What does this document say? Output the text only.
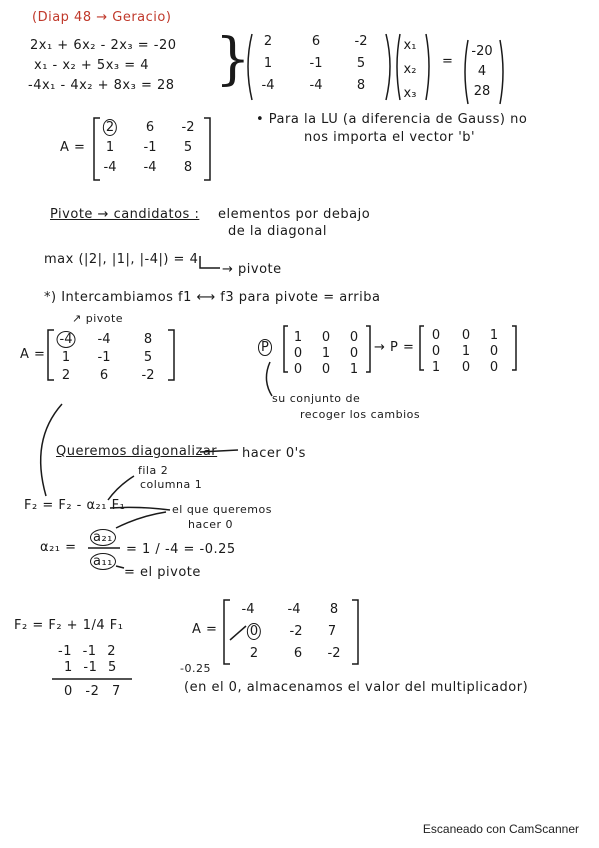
(Diap 48 → Geracio)
2x₁ + 6x₂ - 2x₃ = -20
x₁ - x₂ + 5x₃ = 4
-4x₁ - 4x₂ + 8x₃ = 28 } 2	6	-2
1	-1	5
-4	-4	8
x₁
x₂
x₃
=
-20
4
28
• Para la LU (a diferencia de Gauss) no
nos importa el vector 'b'
A =
2 6 -2
1 -1 5
-4 -4 8
Pivote → candidatos : elementos por debajo
de la diagonal
max (|2|, |1|, |-4|) = 4
→ pivote
*) Intercambiamos f1 ⟷ f3 para pivote = arriba
↗ pivote
A =
-4 -4	8
1 -1	5
2 6	-2
P
1 0 0
0 1 0
0 0 1
→ P =
0 0 1
0 1 0
1 0 0
su conjunto de
recoger los cambios
Queremos diagonalizar hacer 0's
F₂ = F₂ - α₂₁ F₁
fila 2
columna 1
el que queremos
hacer 0
α₂₁ =
a₂₁
a₁₁
= 1 / -4 = -0.25
= el pivote
F₂ = F₂ + 1/4 F₁
-1 -1 2
1 -1 5
0 -2 7
A =
-4	-4 8
0 -2 7
2	6 -2
-0.25
(en el 0, almacenamos el valor del multiplicador)
Escaneado con CamScanner
